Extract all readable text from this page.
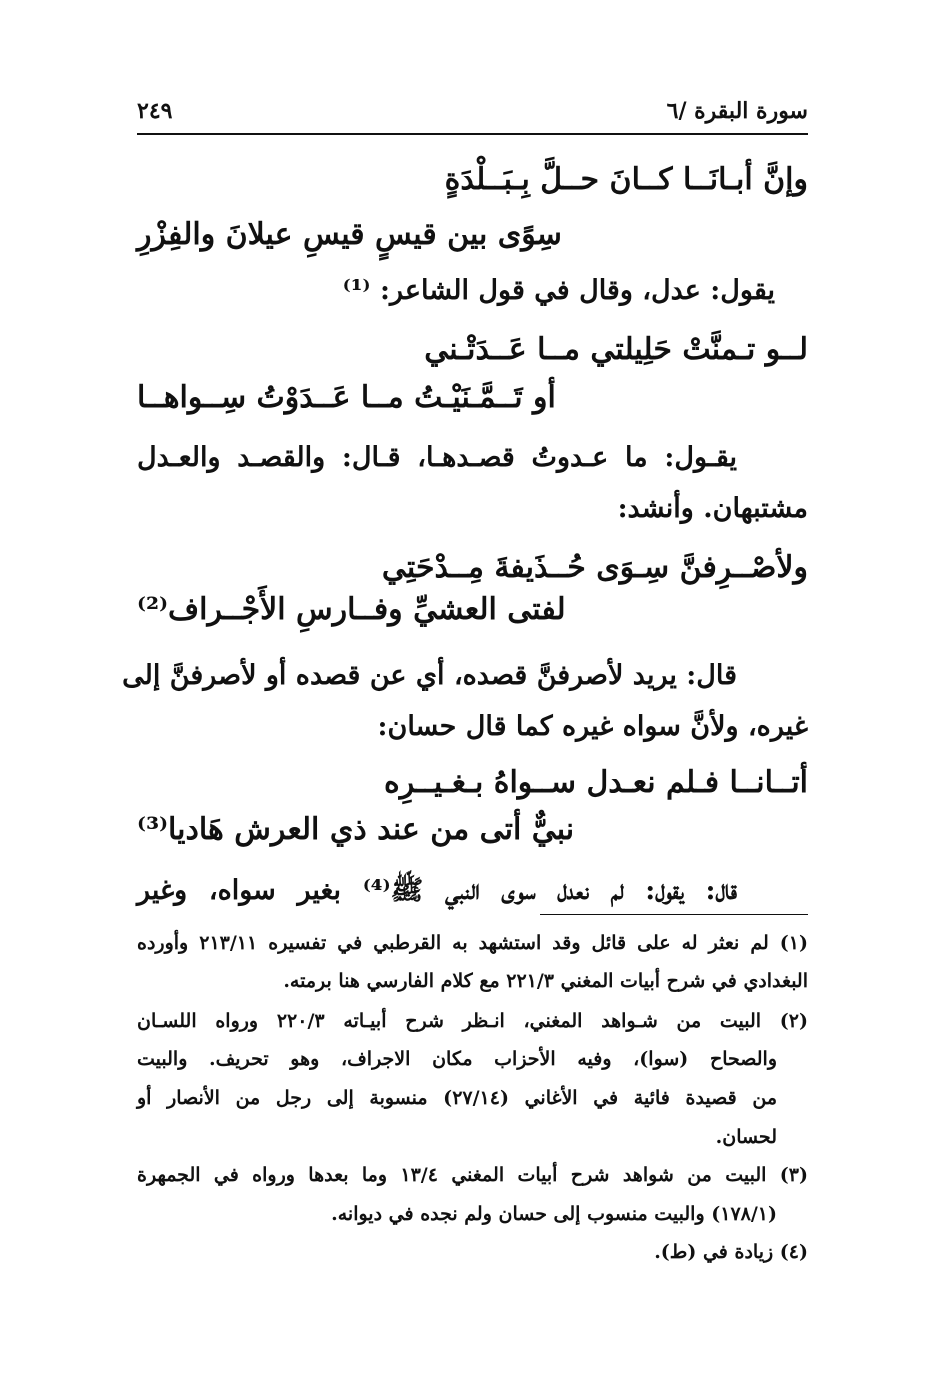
سورة البقرة /٦
٢٤٩
وإنَّ أبـانَــا كــانَ حــلَّ بِـبَــلْدَةٍ
سِوًى بين قيسٍ قيسِ عيلانَ والفِزْرِ
يقول: عدل، وقال في قول الشاعر: ⁽¹⁾
لــو تـمنَّتْ حَلِيلتي مــا عَــدَتْـني
أو تَــمَّـنَيْـتُ مــا عَــدَوْتُ سِــواهــا
يقـول: ما عـدوتُ قصـدهـا، قـال: والقصـد والعـدل
مشتبهان. وأنشد:
ولأصْــرِفنَّ سِـوَى حُــذَيفةَ مِــدْحَتِي
لفتى العشيِّ وفــارسِ الأَجْــراف⁽²⁾
قال: يريد لأصرفنَّ قصده، أي عن قصده أو لأصرفنَّ إلى
غيره، ولأنَّ سواه غيره كما قال حسان:
أتــانــا فـلم نعـدل ســواهُ بـغـيــرِه
نبيٌّ أتى من عند ذي العرش هَاديا⁽³⁾
قال: يقول: لم نعدل سوى النبي ﷺ⁽⁴⁾ بغير سواه، وغير
(١) لم نعثر له على قائل وقد استشهد به القرطبي في تفسيره ٢١٣/١١ وأورده
البغدادي في شرح أبيات المغني ٢٢١/٣ مع كلام الفارسي هنا برمته.
(٢) البيت من شـواهد المغني، انـظر شرح أبيـاته ٢٢٠/٣ ورواه اللسـان
والصحاح (سوا)، وفيه الأحزاب مكان الاجراف، وهو تحريف. والبيت
من قصيدة فائية في الأغاني (٢٧/١٤) منسوبة إلى رجل من الأنصار أو
لحسان.
(٣) البيت من شواهد شرح أبيات المغني ١٣/٤ وما بعدها ورواه في الجمهرة
(١٧٨/١) والبيت منسوب إلى حسان ولم نجده في ديوانه.
(٤) زيادة في (ط).
